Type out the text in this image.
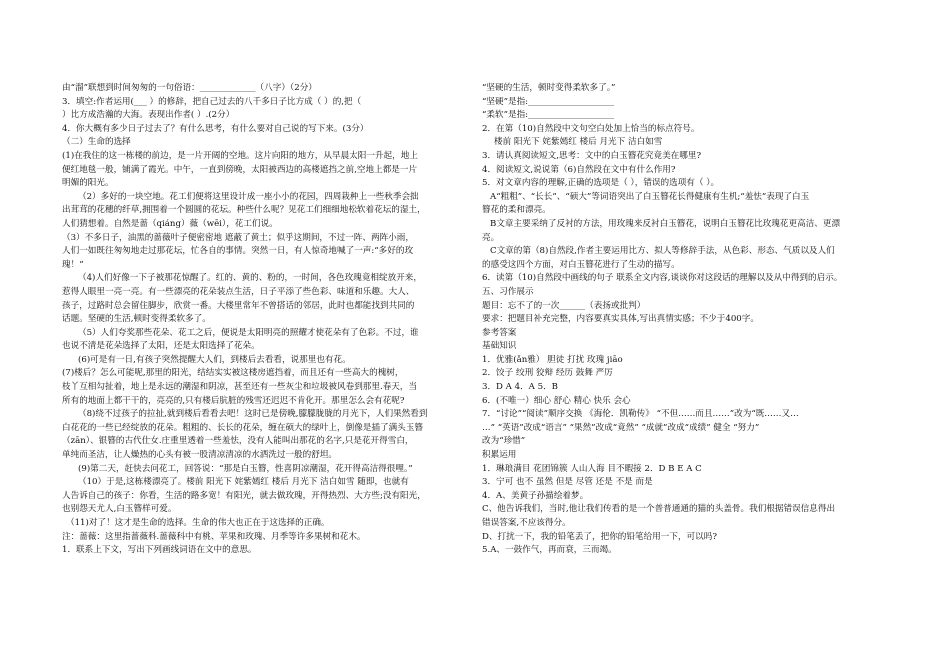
由“溜”联想到时间匆匆的一句俗语：_____________（八字）（2分）
3．填空:作者运用(___ ）的修辞，把自己过去的八千多日子比方成（ ）的,把（
）比方成浩瀚的大海。表现出作者( ）.(2分）
4．你大概有多少日子过去了？有什么思考，有什么要对自己说的写下来。(3分）
（二）生命的选择
(1)在我住的这一栋楼的前边，是一片开阔的空地。这片向阳的地方，从早晨太阳一升起，地上
便红地毯一般，铺满了霞光。中午，一直到傍晚，太阳被西边的高楼遮挡之前,空地上都是一片
明媚的阳光。
（2）多好的一块空地。花工们便将这里设计成一座小小的花园，四周栽种上一些秋季会拙
出茸茸的花穗的纤草,拥围着一个圆圆的花坛。种些什么呢？见花工们细细地松软着花坛的湿土，
人们猜想着。自然是蔷（qiáng）薇（wēi），花工们说。
（3）不多日子，油黑的蔷薇叶子便密密地 遮蔽了黄土；似乎这期间，不过一阵、两阵小雨，
人们一如既往匆匆地走过那花坛，忙各自的事情。突然一日，有人惊奇地喊了一声:“多好的玫
瑰！”
（4)人们好像一下子被那花惊醒了。红的、黄的、粉的，一时间，各色玫瑰竟相绽放开来，
惹得人眼里一亮一亮。有一些漂亮的花朵装点生活，日子平添了些色彩、味道和乐趣。大人、
孩子，过路时总会留住脚步，欣赏一番。大楼里常年不曾搭话的邻居，此时也都能找到共同的
话题。坚硬的生活,顿时变得柔软多了。
（5）人们夸奖那些花朵、花工之后，便说是太阳明亮的照耀才使花朵有了色彩。不过，谁
也说不清是花朵选择了太阳，还是太阳选择了花朵。
(6)可是有一日,有孩子突然提醒大人们，到楼后去看看，说那里也有花。
(7)楼后？怎么可能呢,那里的阳光，结结实实被这楼房遮挡着，而且还有一些高大的槐树，
枝丫互相勾扯着，地上是永远的潮湿和阴凉，甚至还有一些灰尘和垃圾被风卷到那里.春天，当
所有的地面上都干干的，亮亮的,只有楼后肮脏的残雪还迟迟不肯化开。那里怎么会有花呢?
（8)绕不过孩子的拉扯,就到楼后看看去吧！这时已是傍晚,朦朦胧胧的月光下，人们果然看到
白花花的一些已经绽放的花朵。粗粗的、长长的花朵，缠在硕大的绿叶上，倒像是插了满头玉簪
（zān）、银簪的古代仕女.庄重里透着一些羞怯，没有人能叫出那花的名字,只是花开得雪白，
单纯而圣洁，让人燥热的心头有被一股清凉清凉的水洒洗过一般的舒坦。
(9)第二天，赶快去问花工，回答说：“那是白玉簪，性喜阴凉潮湿，花开得高洁得很哩。”
（10）于是,这栋楼漂亮了。楼前 阳光下 姹紫嫣红 楼后 月光下 洁白如雪 随即，也就有
人告诉自己的孩子：你看，生活的路多宽！有阳光，就去做玫瑰，开得热烈、大方些;没有阳光，
也别怨天尤人,白玉簪样可爱。
（11)对了！这才是生命的选择。生命的伟大也正在于这选择的正确。
注：蔷薇：这里指蔷薇科.蔷薇科中有桃、苹果和玫瑰、月季等许多果树和花木。
1．联系上下文，写出下列画线词语在文中的意思。
“坚硬的生活，顿时变得柔软多了。”
“坚硬”是指:____________________
“柔软”是指:____________________
2．在第（10)自然段中文句空白处加上恰当的标点符号。
楼前 阳光下 姹紫嫣红 楼后 月光下 洁白如雪
3．请认真阅读短文,思考：文中的白玉簪花究竟美在哪里?
4．阅读短文,说说第（6)自然段在文中有什么作用?
5．对文章内容的理解,正确的选项是（ ），错误的选项有（ ）。
A“粗粗”、“长长”、“硕大”等词语突出了白玉簪花长得健康有生机;“羞怯”表现了白玉
簪花的柔和漂亮。
B文章主要采纳了反衬的方法，用玫瑰来反衬白玉簪花，说明白玉簪花比玫瑰花更高洁、更漂
亮。
C文章的第（8)自然段,作者主要运用比方、拟人等修辞手法，从色彩、形态、气质以及人们
的感受这四个方面，对白玉簪花进行了生动的描写。
6．读第（10)自然段中画线的句子 联系全文内容,谈谈你对这段话的理解以及从中得到的启示。
五、习作展示
题目：忘不了的一次______（表扬或批判）
要求：把题目补充完整，内容要真实具体,写出真情实感；不少于400字。
参考答案
基础知识
1．优雅(ǎn雅） 胆徒 打扰 玫瑰 jiāo
2．饺子 绞刑 狡辩 经历 鼓舞 严厉
3．D A 4．A 5．B
6．(不唯一）细心 舒心 精心 快乐 会心
7．“讨论”“阅读”顺序交换 《海伦．凯勒传》 “不但……而且……”改为“既……又…
…” “英语”改成“语言” “果然”改成“竟然” “成就”改成“成绩” 健全 “努力”
改为“珍惜”
积累运用
1．琳琅满目 花团锦簇 人山人海 目不暇接 2．D B E A C
3．宁可 也不 虽然 但是 尽管 还是 不是 而是
4．A、美黄子孙描绘着梦。
C、他告诉我们，当时,他让我们传看的是一个普普通通的猫的头盖骨。我们根据错误信息得出
错误答案,不应该得分。
D、打扰一下，我的铅笔丢了，把你的铅笔给用一下，可以吗?
5.A、一鼓作气，再而衰，三而竭。
